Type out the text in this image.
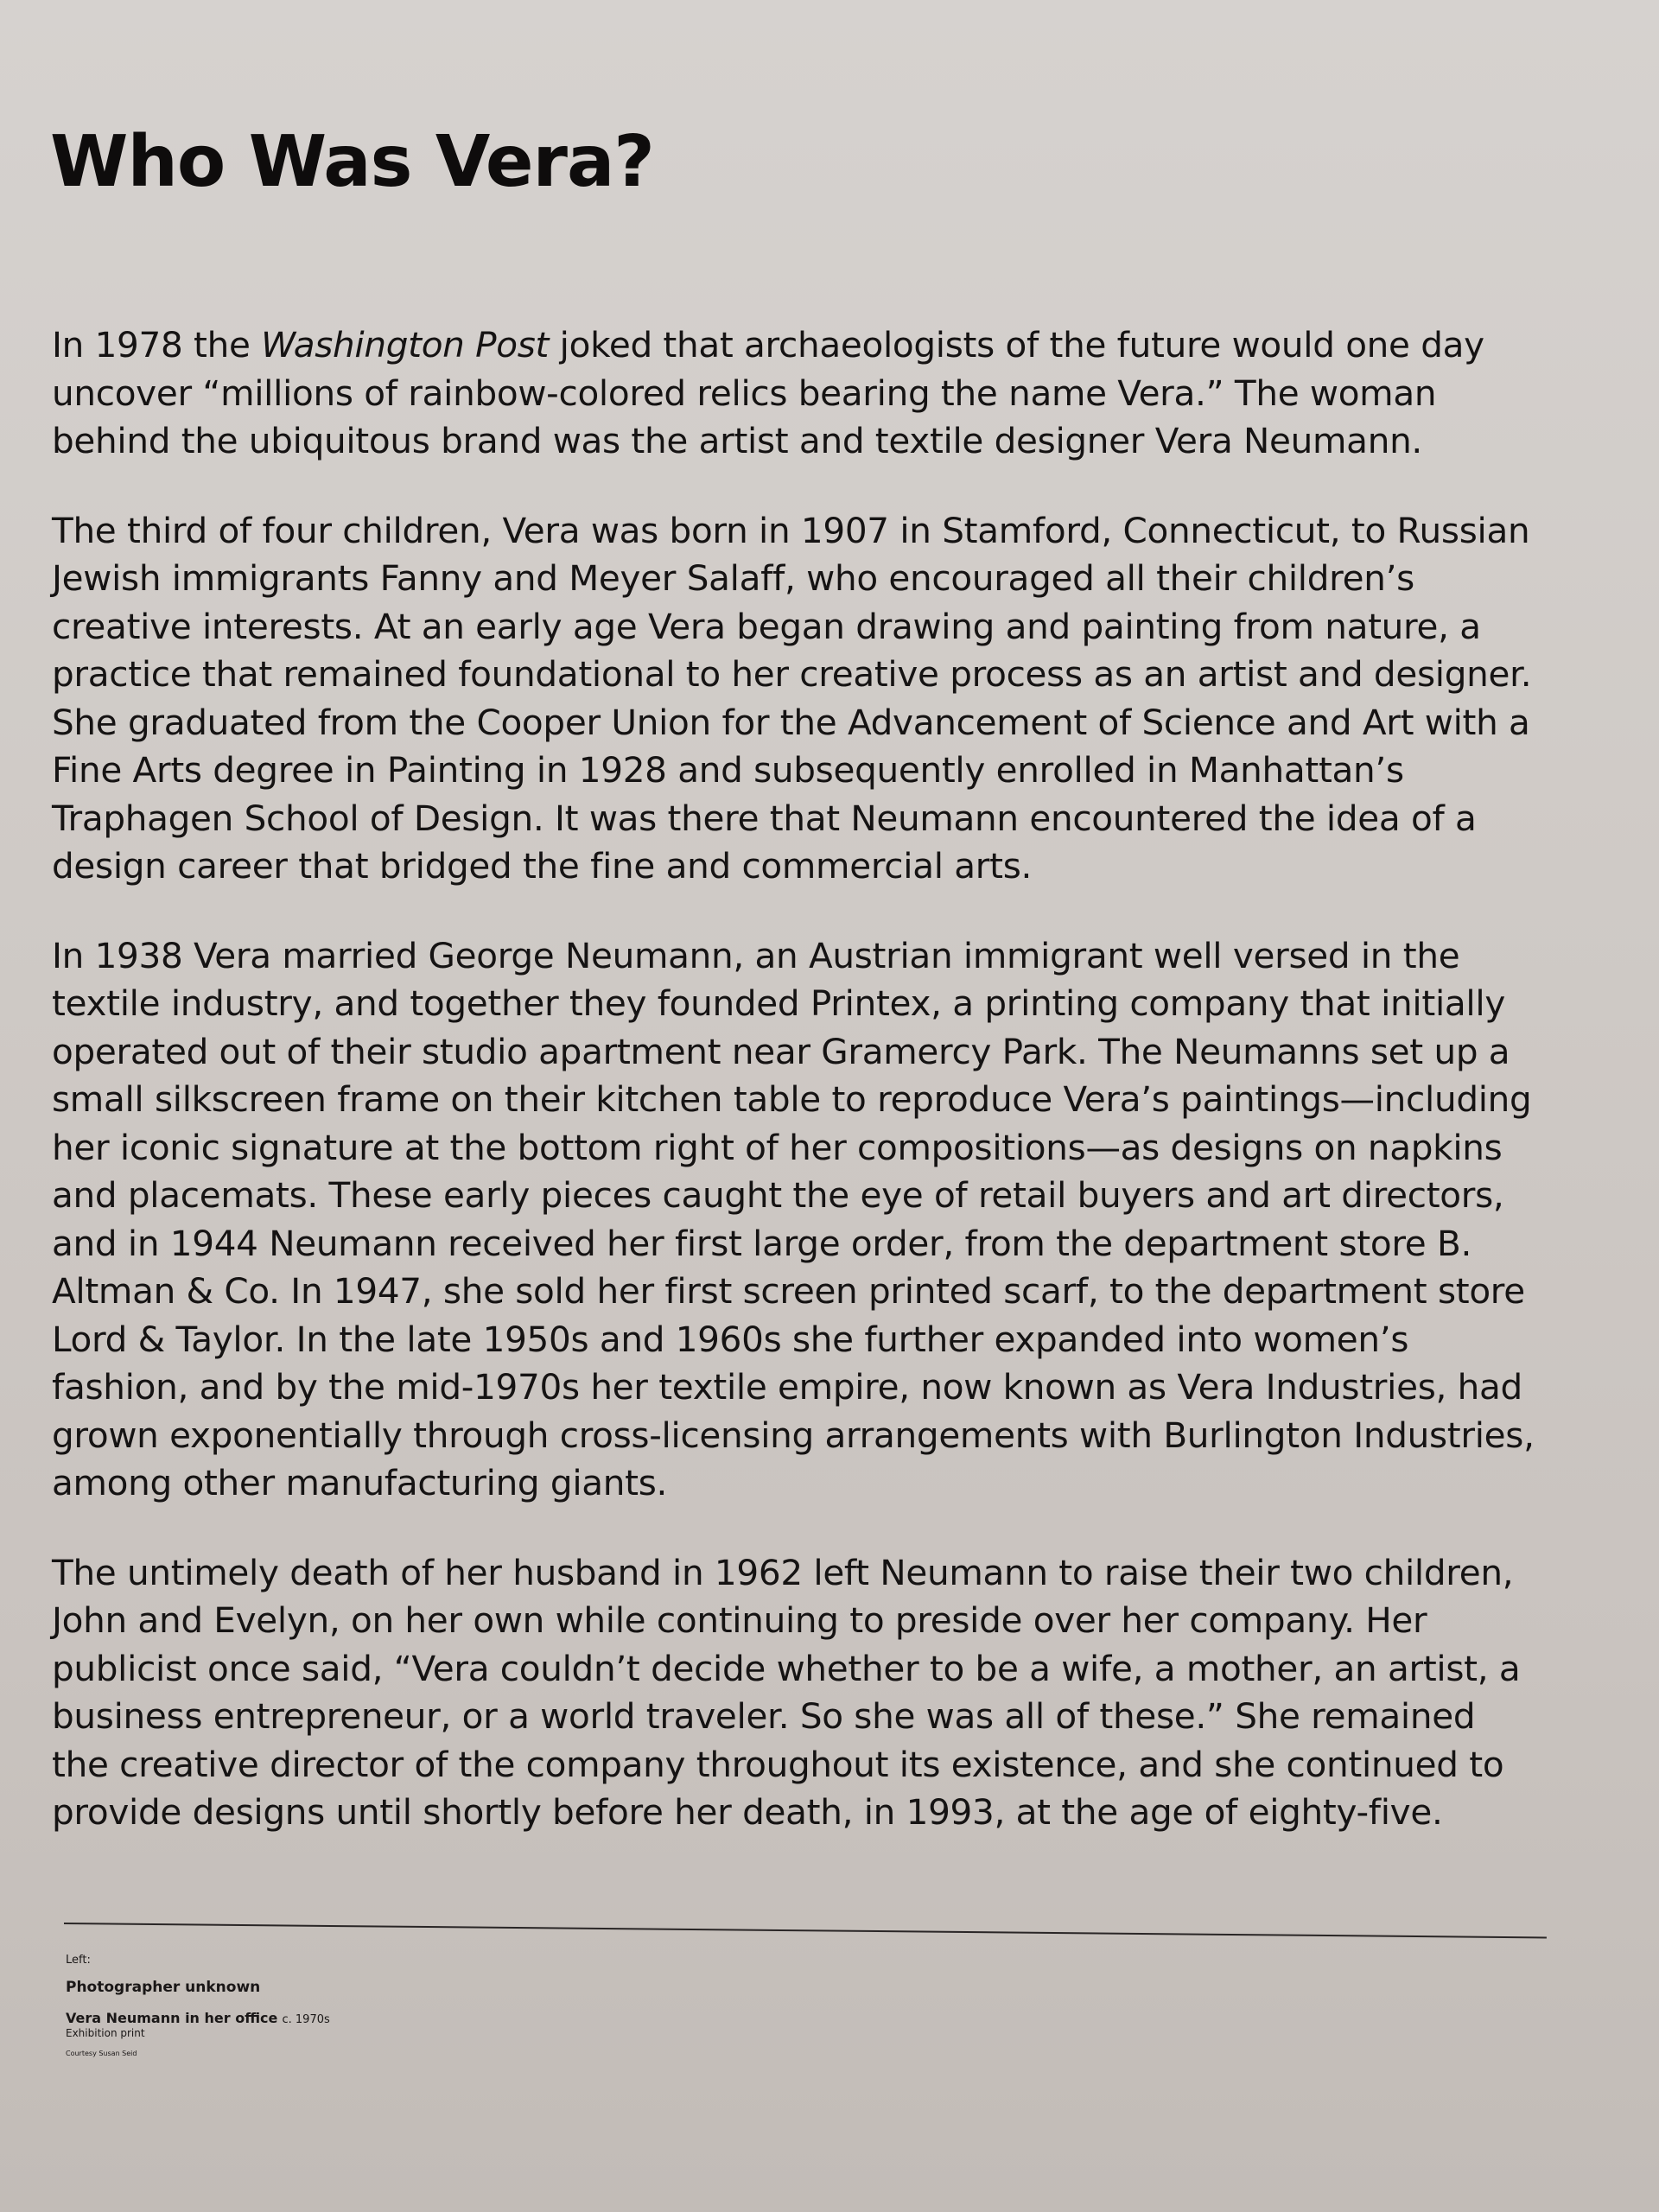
Who Was Vera?

In 1978 the Washington Post joked that archaeologists of the future would one day uncover “millions of rainbow-colored relics bearing the name Vera.” The woman behind the ubiquitous brand was the artist and textile designer Vera Neumann.

The third of four children, Vera was born in 1907 in Stamford, Connecticut, to Russian Jewish immigrants Fanny and Meyer Salaff, who encouraged all their children’s creative interests. At an early age Vera began drawing and painting from nature, a practice that remained foundational to her creative process as an artist and designer. She graduated from the Cooper Union for the Advancement of Science and Art with a Fine Arts degree in Painting in 1928 and subsequently enrolled in Manhattan’s Traphagen School of Design. It was there that Neumann encountered the idea of a design career that bridged the fine and commercial arts.

In 1938 Vera married George Neumann, an Austrian immigrant well versed in the textile industry, and together they founded Printex, a printing company that initially operated out of their studio apartment near Gramercy Park. The Neumanns set up a small silkscreen frame on their kitchen table to reproduce Vera’s paintings—including her iconic signature at the bottom right of her compositions—as designs on napkins and placemats. These early pieces caught the eye of retail buyers and art directors, and in 1944 Neumann received her first large order, from the department store B. Altman & Co. In 1947, she sold her first screen printed scarf, to the department store Lord & Taylor. In the late 1950s and 1960s she further expanded into women’s fashion, and by the mid-1970s her textile empire, now known as Vera Industries, had grown exponentially through cross-licensing arrangements with Burlington Industries, among other manufacturing giants.

The untimely death of her husband in 1962 left Neumann to raise their two children, John and Evelyn, on her own while continuing to preside over her company. Her publicist once said, “Vera couldn’t decide whether to be a wife, a mother, an artist, a business entrepreneur, or a world traveler. So she was all of these.” She remained the creative director of the company throughout its existence, and she continued to provide designs until shortly before her death, in 1993, at the age of eighty-five.

Left:
Photographer unknown
Vera Neumann in her office c. 1970s
Exhibition print
Courtesy Susan Seid
